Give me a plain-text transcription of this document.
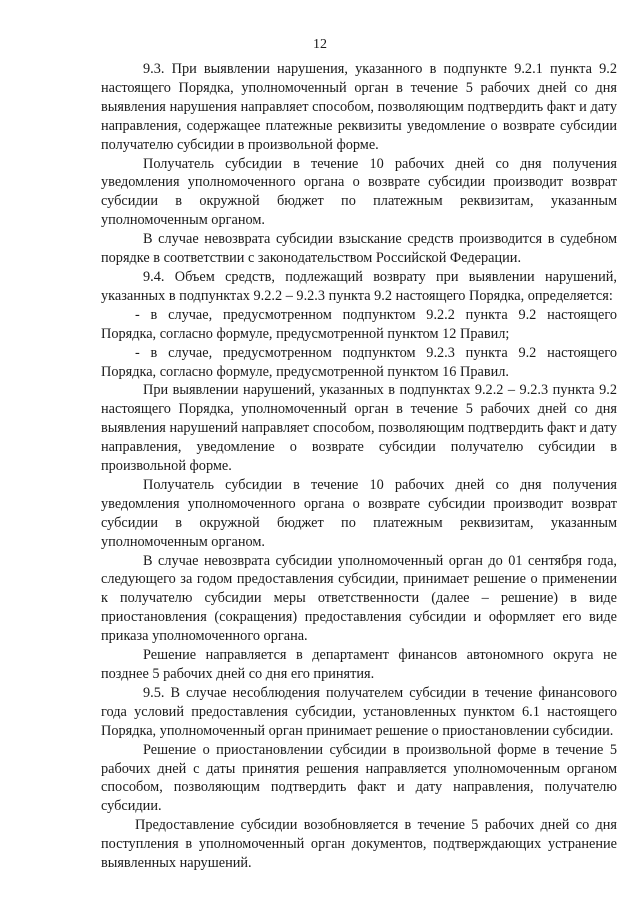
12

9.3. При выявлении нарушения, указанного в подпункте 9.2.1 пункта 9.2 настоящего Порядка, уполномоченный орган в течение 5 рабочих дней со дня выявления нарушения направляет способом, позволяющим подтвердить факт и дату направления, содержащее платежные реквизиты уведомление о возврате субсидии получателю субсидии в произвольной форме.

Получатель субсидии в течение 10 рабочих дней со дня получения уведомления уполномоченного органа о возврате субсидии производит возврат субсидии в окружной бюджет по платежным реквизитам, указанным уполномоченным органом.

В случае невозврата субсидии взыскание средств производится в судебном порядке в соответствии с законодательством Российской Федерации.

9.4. Объем средств, подлежащий возврату при выявлении нарушений, указанных в подпунктах 9.2.2 – 9.2.3 пункта 9.2 настоящего Порядка, определяется:

- в случае, предусмотренном подпунктом 9.2.2 пункта 9.2 настоящего Порядка, согласно формуле, предусмотренной пунктом 12 Правил;

- в случае, предусмотренном подпунктом 9.2.3 пункта 9.2 настоящего Порядка, согласно формуле, предусмотренной пунктом 16 Правил.

При выявлении нарушений, указанных в подпунктах 9.2.2 – 9.2.3 пункта 9.2 настоящего Порядка, уполномоченный орган в течение 5 рабочих дней со дня выявления нарушений направляет способом, позволяющим подтвердить факт и дату направления, уведомление о возврате субсидии получателю субсидии в произвольной форме.

Получатель субсидии в течение 10 рабочих дней со дня получения уведомления уполномоченного органа о возврате субсидии производит возврат субсидии в окружной бюджет по платежным реквизитам, указанным уполномоченным органом.

В случае невозврата субсидии уполномоченный орган до 01 сентября года, следующего за годом предоставления субсидии, принимает решение о применении к получателю субсидии меры ответственности (далее – решение) в виде приостановления (сокращения) предоставления субсидии и оформляет его виде приказа уполномоченного органа.

Решение направляется в департамент финансов автономного округа не позднее 5 рабочих дней со дня его принятия.

9.5. В случае несоблюдения получателем субсидии в течение финансового года условий предоставления субсидии, установленных пунктом 6.1 настоящего Порядка, уполномоченный орган принимает решение о приостановлении субсидии.

Решение о приостановлении субсидии в произвольной форме в течение 5 рабочих дней с даты принятия решения направляется уполномоченным органом способом, позволяющим подтвердить факт и дату направления, получателю субсидии.

Предоставление субсидии возобновляется в течение 5 рабочих дней со дня поступления в уполномоченный орган документов, подтверждающих устранение выявленных нарушений.
